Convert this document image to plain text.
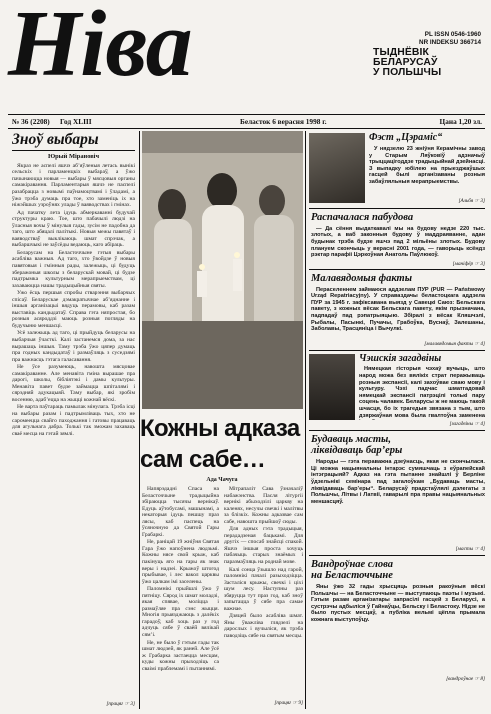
Ніва	PL ISSN 0546-1960
NR INDEKSU 366714
ТЫДНЁВІК
БЕЛАРУСАЎ
У ПОЛЬШЧЫ
№ 36 (2208) Год XLIII	Беласток 6 верасня 1998 г.	Цана 1,20 зл.
Зноў выбары
Юрый Мірановіч

Якраз не аспелі яшчэ аб’яўленыя летась вынікі сельскіх і парламенцкіх выбараў, а ўжо пачынаюцца новыя — выбары ў мясцовыя органы самакіравання. Парламентарыя яшчэ не паспелі разабрацца з новымі паўнамоцтвамі і ўладамі, а ўжо трэба думаць пра тое, хто заменіць іх на ніжэйшых узроўнях улады ў ваяводствах і гмінах.

Ад пачатку лета ідуць абмеркаванні будучай структуры краю. Тое, што пабачылі людзі на ўласныя вочы ў мінулыя гады, зусім не падобна да таго, што абяцалі палітыкі. Новыя межы павятаў і ваяводстваў выклікаюць шмат спрэчак, а выбаршчыкі не заўсёды ведаюць, каго абіраць.

Беларусам на Беласточчыне гэтыя выбары асабліва важныя. Ад таго, хто ўвойдзе ў новыя павятовыя і гмінныя рады, залежыць, ці будуць зберажоныя школы з беларускай мовай, ці будзе падтрымка культурным мерапрыемствам, ці захаваюцца нашы традыцыйныя святы.

Ужо ёсць першыя спробы стварэння выбарчых спісаў. Беларускае дэмакратычнае аб’яднанне і іншыя арганізацыі вядуць перамовы, каб разам выставіць кандыдатаў. Справа гэта няпростая, бо розныя асяроддзі маюць розныя погляды на будучыню меншасці.

Усё залежыць ад таго, ці прыйдуць беларусы на выбарчыя ўчасткі. Калі застанемся дома, за нас вырашаць іншыя. Таму трэба ўжо цяпер думаць пра годных кандыдатаў і размаўляць з суседзямі пра важнасць гэтага галасавання.

Не ўсе разумеюць, навошта мясцовае самакіраванне. Але менавіта гміна вырашае пра дарогі, школы, бібліятэкі і дамы культуры. Менавіта павет будзе займацца шпіталямі і сярэдняй адукацыяй. Таму выбар, які зробім восенню, адаб’ецца на жыцці кожнай вёскі.

Не варта паўтараць памылак мінулага. Трэба ісці на выбары разам і падтрымліваць тых, хто не саромеецца свайго паходжання і гатовы працаваць для агульнага дабра. Толькі так зможам захаваць сваё месца на гэтай зямлі.

[працяг ☞ 3]
Кожны адказа
сам сабе…
Ада Чачуга

Напярэдадні Спаса на Беласточчыне традыцыйна збіраюцца тысячы вернікаў. Едуць аўтобусамі, машынамі, а некаторыя ідуць пешшу праз лясы, каб паспець на ўсяночную да Святой Гары Грабаркі.

Не, раніцай 19 жніўня Святая Гара ўжо напоўнена людзьмі. Кожны нясе свой крыж, каб пакінуць яго на гары як знак веры і надзеі. Крыжоў штогод прыбывае, і лес вакол царквы ўжо цалкам імі заселены.

Паломнікі прыйшлі ўжо ў пятніцу. Сярод іх шмат моладзі, якая спявае, моліцца і размаўляе пра сэнс жыцця. Многія прыязджаюць з далёкіх гарадоў, каб хоць раз у год адчуць сябе ў сваёй вялікай сям’і.

Не, не было ў гэтым гады так шмат людзей, як раней. Але ўсё ж Грабарка застаецца месцам, куды кожны прыходзіць са сваімі праблемамі і пытаннямі.

Мітрапаліт Сава ўзначаліў набажэнства. Пасля літургіі вернікі абыходзілі царкву на каленях, несучы свечкі і малітвы за блізкіх. Кожны адказвае сам сабе, навошта прыйшоў сюды.

Для адных гэта традыцыя, перададзеная бацькамі. Для другіх — спосаб знайсці спакой. Яшчэ іншыя проста хочуць пабачыць старых знаёмых і паразмаўляць на роднай мове.

Калі сонца ўзышло над гарой, паломнікі пачалі разыходзіцца. Засталіся крыжы, свечкі і ціхі шум лесу. Наступны раз збяруцца тут праз год, каб зноў запытацца ў сябе пра самае важнае.

Дзяцей было асабліва шмат. Яны ўважліва глядзелі на дарослых і вучыліся, як трэба паводзіць сябе на святым месцы.

[працяг ☞ 9]
Фэст „Цэраміс“

У нядзелю 23 жніўня Керамічны завод у Старым Ляўковіў адзначыў трыццацігоддзе традыцыйнай дзейнасці. З выпадку юбілею на прыезджаўшых гасцей былі арганізаваны розныя забаўляльныя мерапрыемствы.

[Альбя ☞ 3]
Распачалася пабудова

— Да сёння выдаткавалі мы на будову недзе 220 тыс. злотых, а ваб законныя будову ў маддраяванне, адан будынак трэба будзе яшчэ пад 2 мільёны злотых. Будову плануем скончыць у верасні 2001 года, — гаворыць ксёндз рэктар парафіі Цэркоўная Анатоль Паўлюкоў.

[маніфёр ☞ 3]
Малавядомыя факты

Пераселеннем займаюся аддзелам ПУР (PUR — Państwowy Urząd Repatriacyjny). У справаздачы беластоцкага аддзела ПУР за 1945 г. зафіксавана выязд у Савецкі Саюз: Бельскага павету, з кожных вёсак Бельскага павету, якім прызначана, падпадаў пад рэпатрыяцыю. Збіралі з вёсак Кляшчэлі, Рыбалы, Пасынкі, Пучачы, Грабоўка, Вуснаў, Залешаны, Заболавы, Трасцяніца і Вычулкі.

[малавядомыя факты ☞ 4]
Чэшскія загадвіны

Нямецкая гісторыя чэхаў вучыць, што народ можа без вялікіх страт перажываць розныя экспансіі, калі захоўвае сваю мову і культуру. Чэхі падчас шматгадовай нямецкай экспансіі патрэцілі толькі пару соцень чалавек. Беларусы ж не маюць такой шчасця, бо іх трагедыя звязана з тым, што дзяржаўная мова была гвалтоўна заменена

[загадвіны ☞ 4]
Будаваць масты,
ліквідаваць бар’еры

Народы — гэта пераважна дзеўнасць, якая не скончылася. Ці можна нацыянальны інтарэс сумяшчаць з еўрапейскай інтэграцыяй? Адказ на гэта пытанне знайшлі ў Берліне ўдзельнікі семінара пад загалоўкам „Будаваць масты, ліквідаваць бар’еры“. Беларусаў прадстаўлялі дэлегаты з Польшчы, Літвы і Латвіі, гаварылі пра правы нацыянальных меншасцяў.

[масты ☞ 4]
Вандроўнае слова
на Беласточчыне

Яны ўжо 32 гады хрысцяць розныя ракоўныя вёскі Польшчы — на Беласточчыне — выступаюць паэты і музыкі. Гэтым разам арганізатары запрасілі гасцей з Беларусі, а сустрэчы адбыліся ў Гайнаўцы, Бельску і Беластоку. Нідзе не было пустых месцаў, а публіка вельмі цёпла прымала кожнага выступоўцу.

[вандроўнае ☞ 8]
